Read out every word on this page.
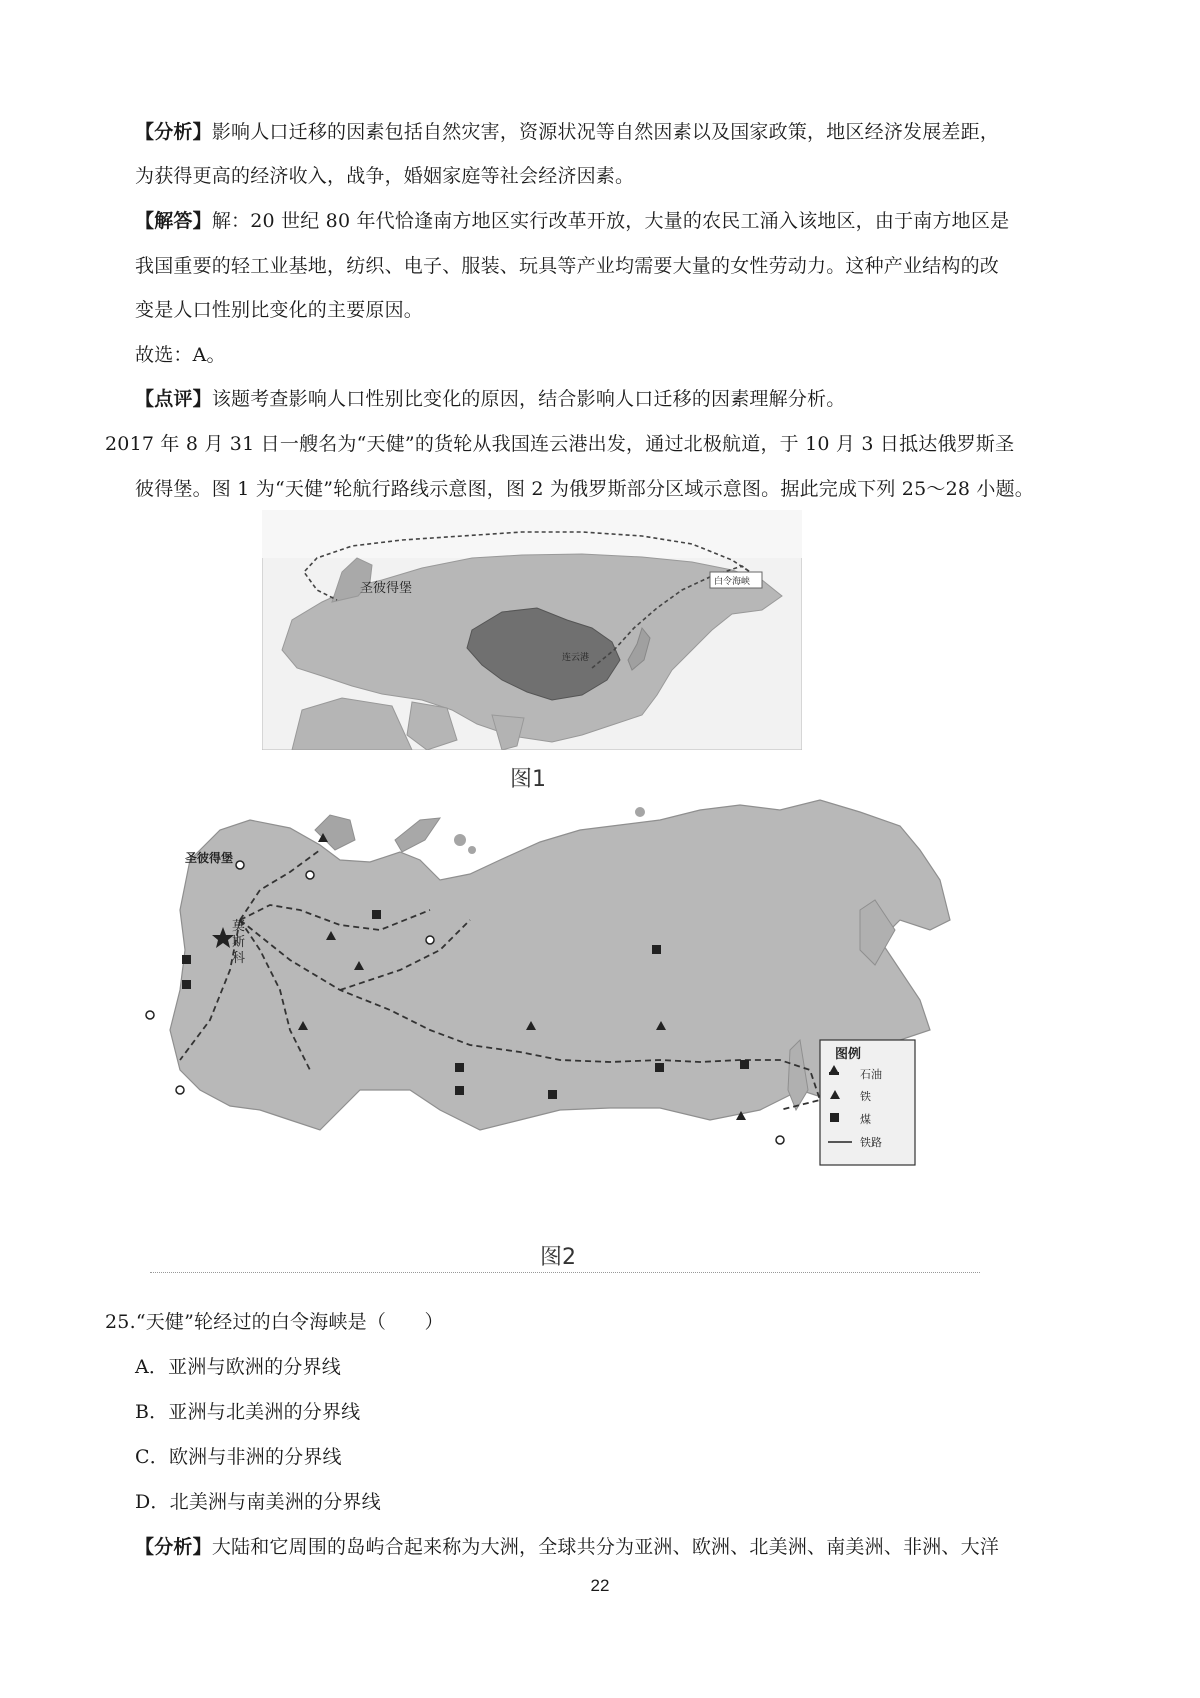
【分析】影响人口迁移的因素包括自然灾害，资源状况等自然因素以及国家政策，地区经济发展差距，
为获得更高的经济收入，战争，婚姻家庭等社会经济因素。
【解答】解：20 世纪 80 年代恰逢南方地区实行改革开放，大量的农民工涌入该地区，由于南方地区是
我国重要的轻工业基地，纺织、电子、服装、玩具等产业均需要大量的女性劳动力。这种产业结构的改
变是人口性别比变化的主要原因。
故选：A。
【点评】该题考查影响人口性别比变化的原因，结合影响人口迁移的因素理解分析。
2017 年 8 月 31 日一艘名为“天健”的货轮从我国连云港出发，通过北极航道，于 10 月 3 日抵达俄罗斯圣
彼得堡。图 1 为“天健”轮航行路线示意图，图 2 为俄罗斯部分区域示意图。据此完成下列 25～28 小题。
圣彼得堡	白令海峡
连云港
图1
圣彼得堡
莫
斯
科
图例
石油
铁
煤
铁路
图2
25.“天健”轮经过的白令海峡是（　　）
A．亚洲与欧洲的分界线
B．亚洲与北美洲的分界线
C．欧洲与非洲的分界线
D．北美洲与南美洲的分界线
【分析】大陆和它周围的岛屿合起来称为大洲，全球共分为亚洲、欧洲、北美洲、南美洲、非洲、大洋
22
